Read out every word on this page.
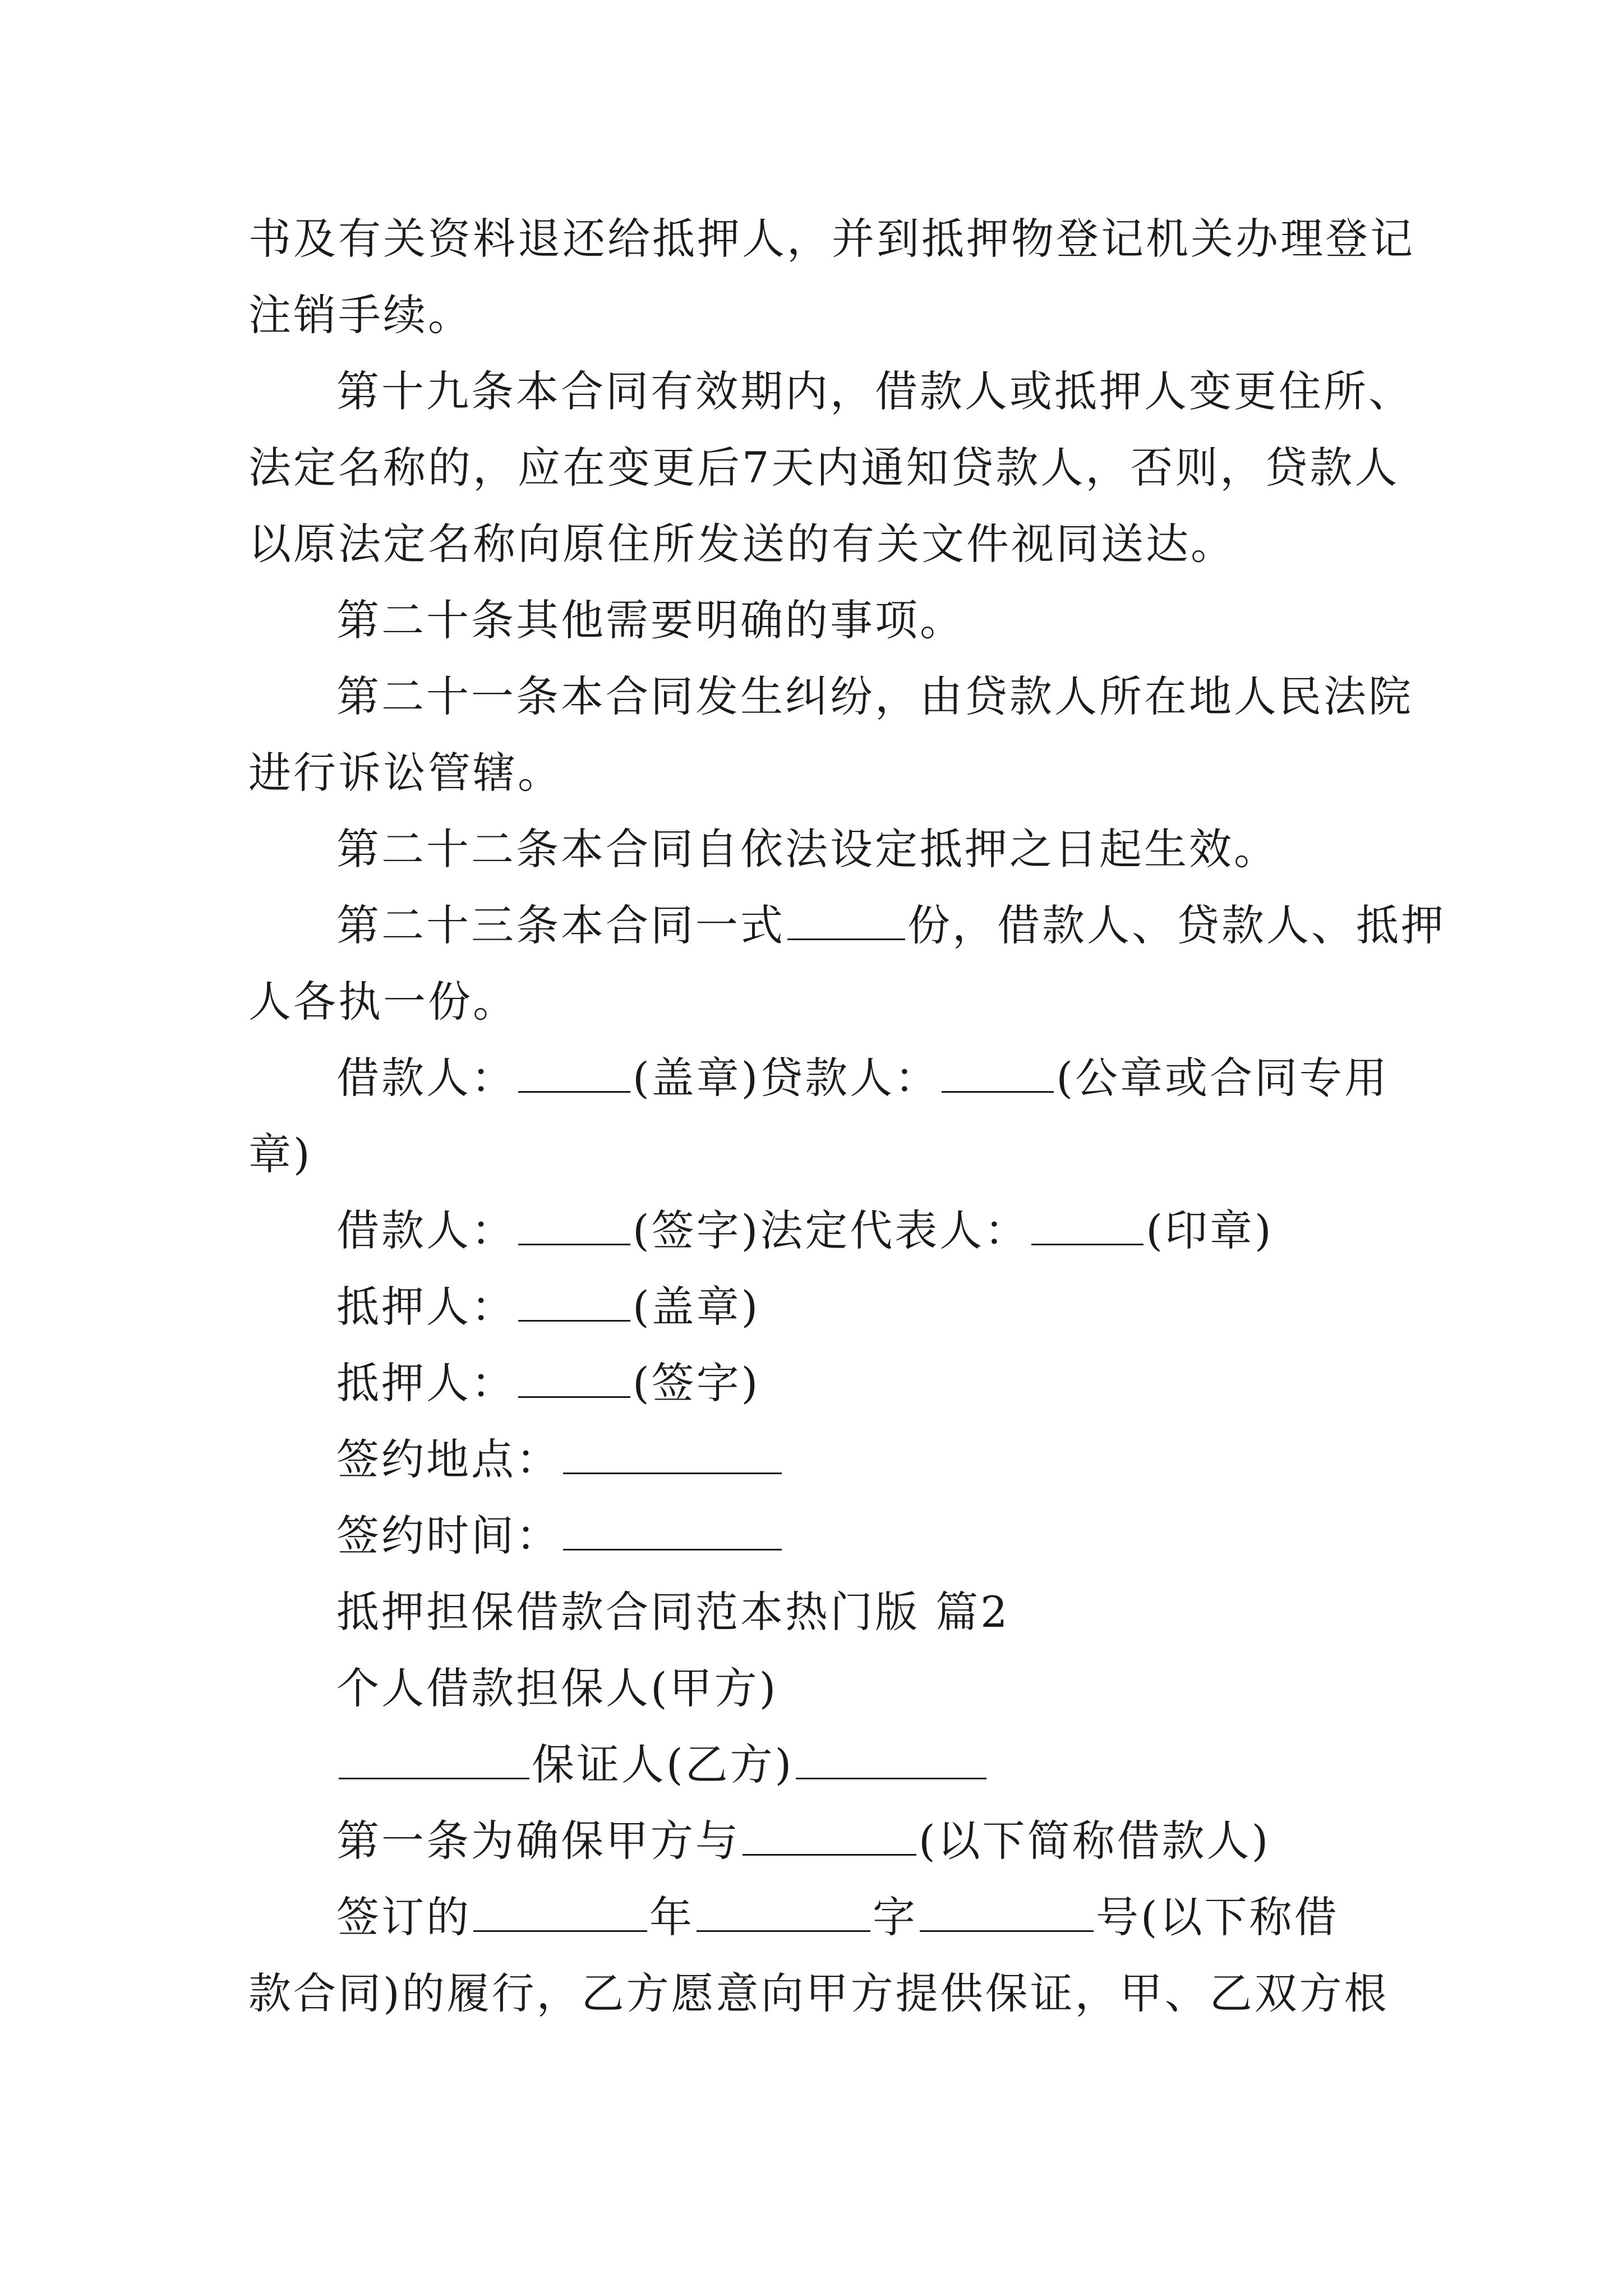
书及有关资料退还给抵押人，并到抵押物登记机关办理登记
注销手续。
第十九条本合同有效期内，借款人或抵押人变更住所、
法定名称的，应在变更后7天内通知贷款人，否则，贷款人
以原法定名称向原住所发送的有关文件视同送达。
第二十条其他需要明确的事项。
第二十一条本合同发生纠纷，由贷款人所在地人民法院
进行诉讼管辖。
第二十二条本合同自依法设定抵押之日起生效。
第二十三条本合同一式	份，借款人、贷款人、抵押
人各执一份。
借款人：	(盖章)贷款人：	(公章或合同专用
章)
借款人：	(签字)法定代表人：	(印章)
抵押人：	(盖章)
抵押人：	(签字)
签约地点：
签约时间：
抵押担保借款合同范本热门版 篇2
个人借款担保人(甲方)
保证人(乙方)
第一条为确保甲方与	(以下简称借款人)
签订的	年	字	号(以下称借
款合同)的履行，乙方愿意向甲方提供保证，甲、乙双方根
